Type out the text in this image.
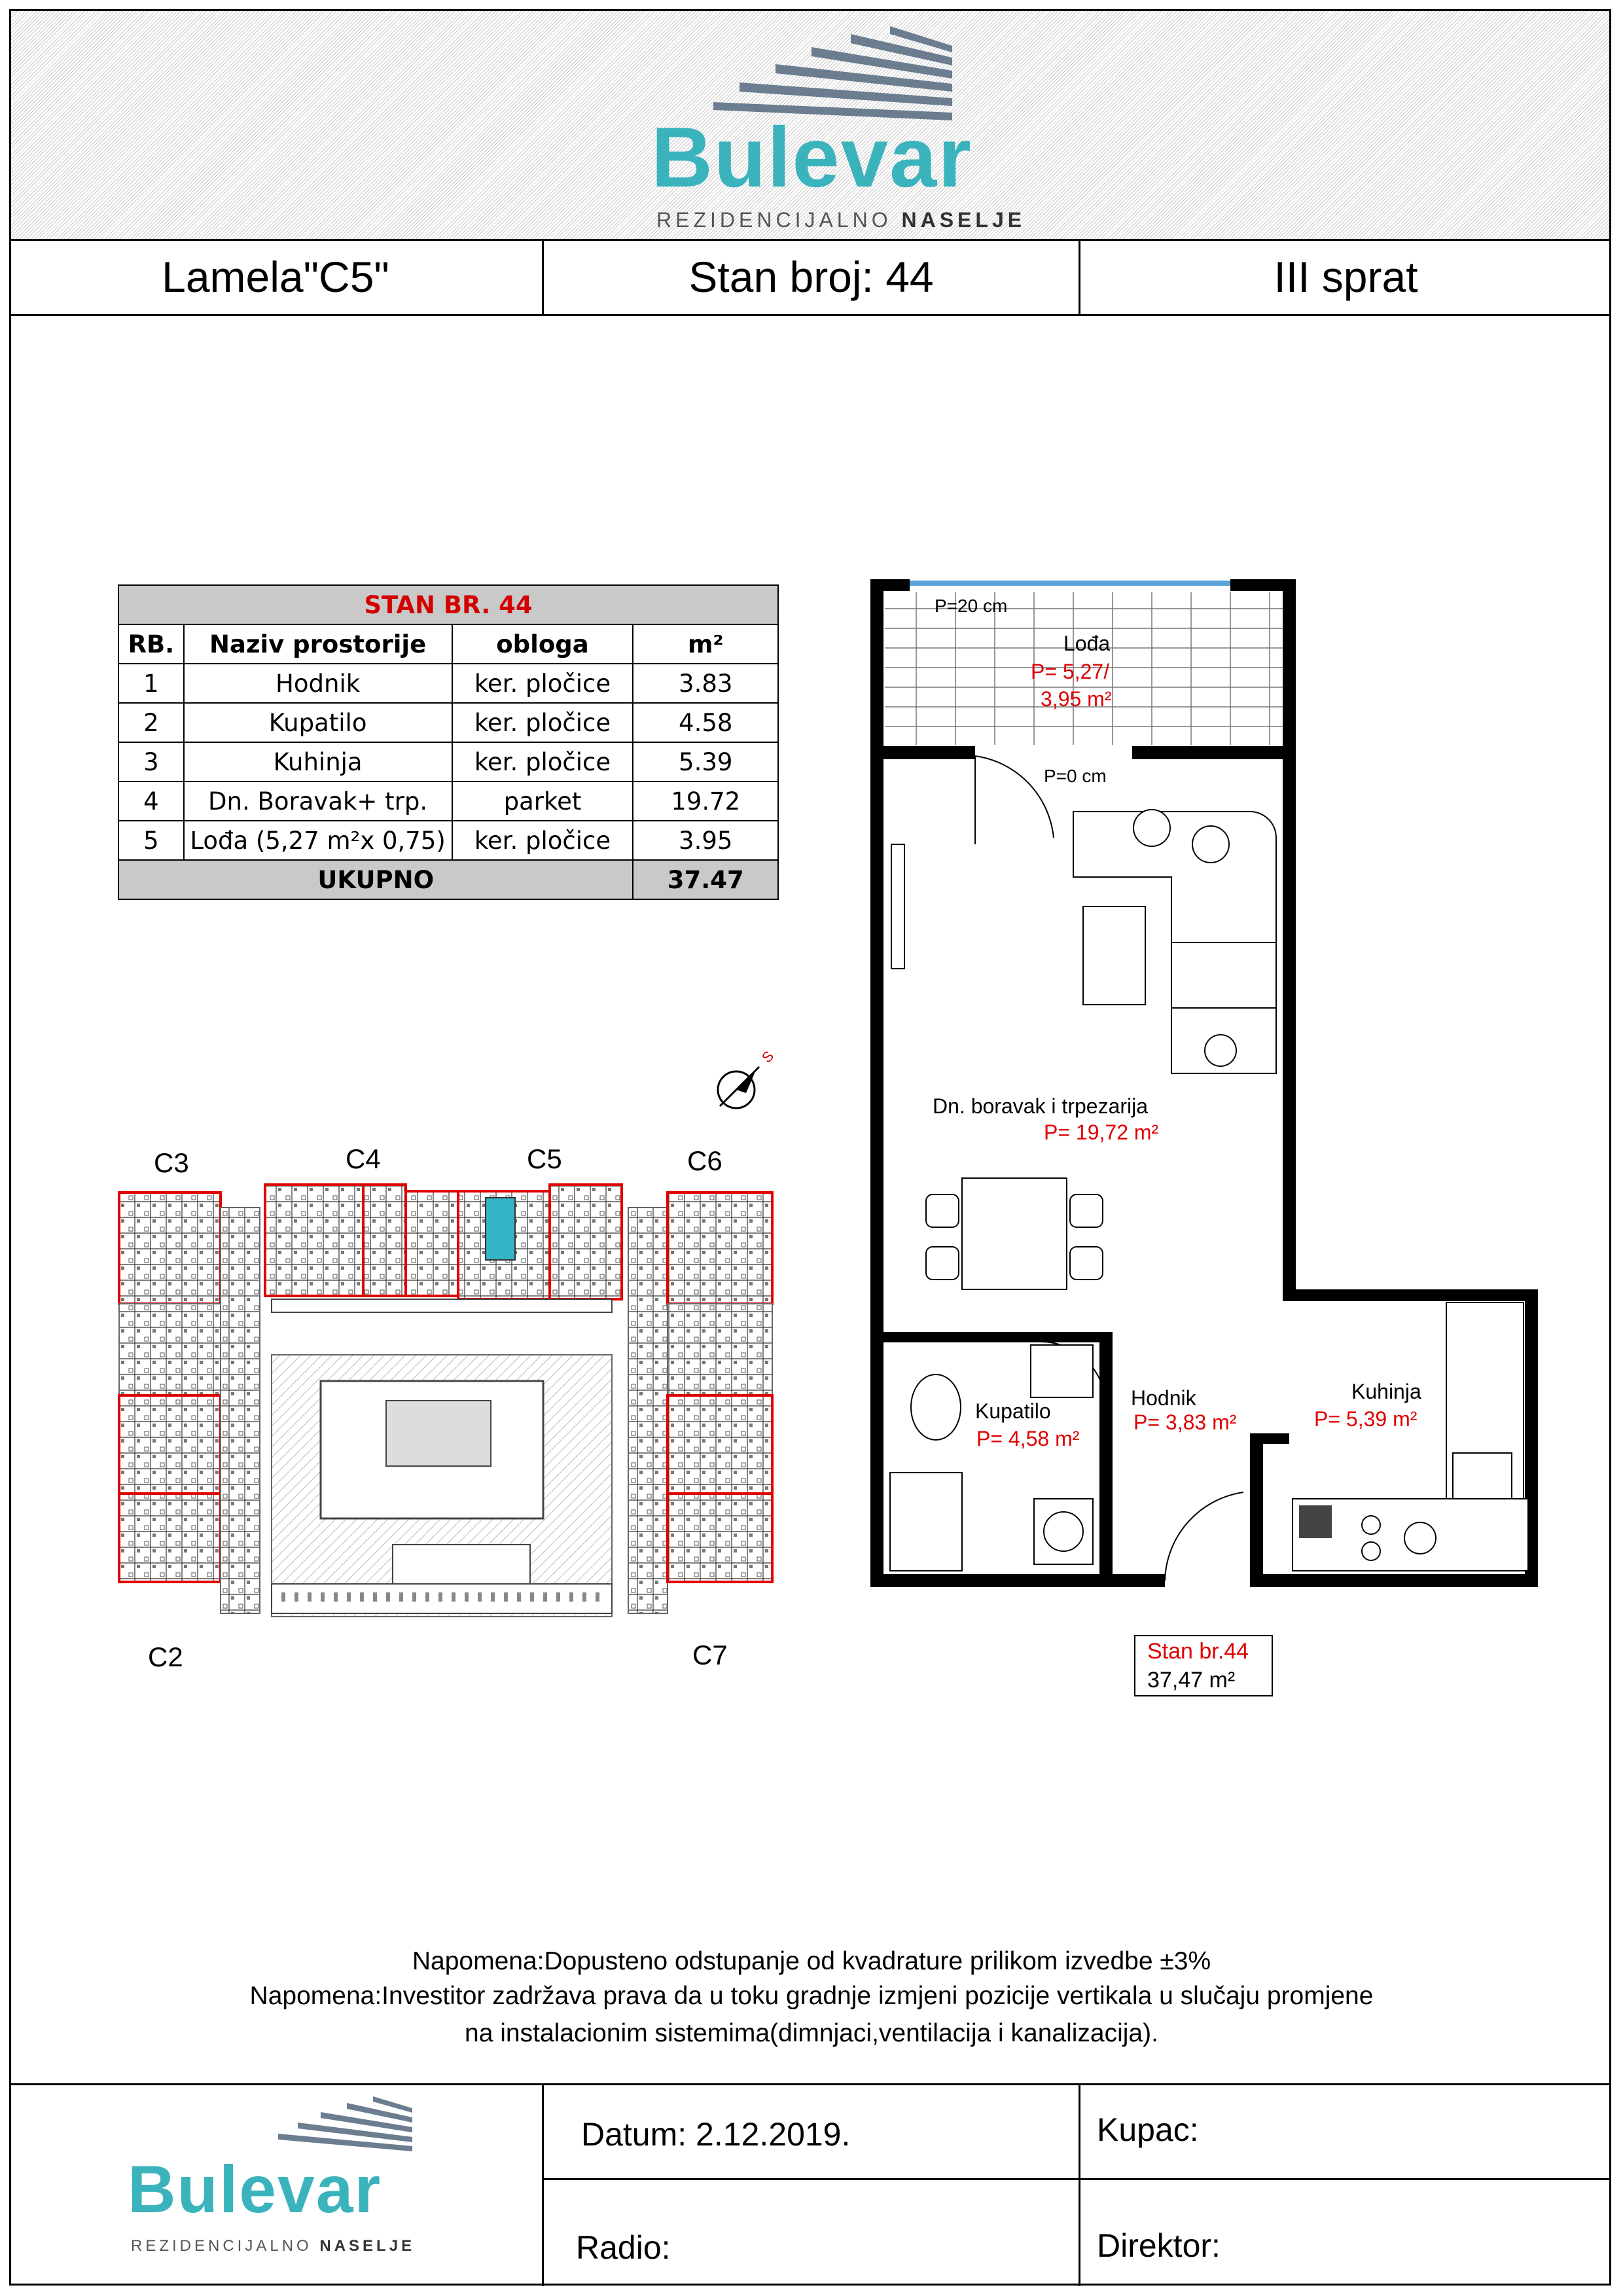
Bulevar
REZIDENCIJALNO NASELJE
Lamela"C5"	Stan broj: 44	III sprat
STAN BR. 44			
RB.	Naziv prostorije	obloga	m²
1	Hodnik	ker. pločice	3.83
2	Kupatilo	ker. pločice	4.58
3	Kuhinja	ker. pločice	5.39
4	Dn. Boravak+ trp.	parket	19.72
5	Lođa (5,27 m²x 0,75)	ker. pločice	3.95
UKUPNO			37.47
S
C3	C4	C5	C6
C2	C7
P=20 cm
Lođa
P= 5,27/
3,95 m²
P=0 cm
Dn. boravak i trpezarija
P= 19,72 m²
Kupatilo
P= 4,58 m²
Hodnik
P= 3,83 m²
Kuhinja
P= 5,39 m²
Stan br.44
37,47 m²
Napomena:Dopusteno odstupanje od kvadrature prilikom izvedbe ±3%
Napomena:Investitor zadržava prava da u toku gradnje izmjeni pozicije vertikala u slučaju promjene
na instalacionim sistemima(dimnjaci,ventilacija i kanalizacija).
Bulevar
REZIDENCIJALNO NASELJE
Datum: 2.12.2019.	Kupac:
Radio:	Direktor:
